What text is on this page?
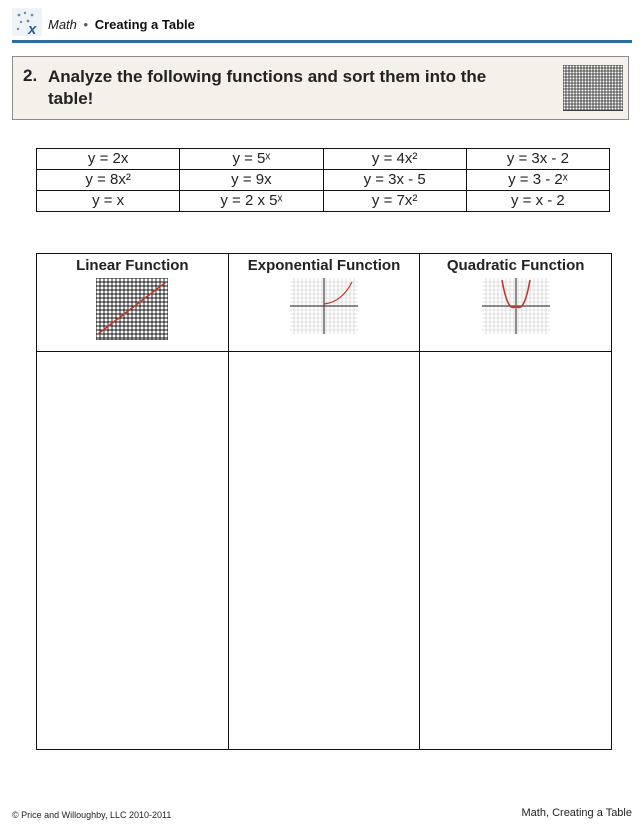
x Math • Creating a Table
2. Analyze the following functions and sort them into the table!
y = 2x	y = 5ˣ	y = 4x²	y = 3x - 2
y = 8x²	y = 9x	y = 3x - 5	y = 3 - 2ˣ
y = x	y = 2 x 5ˣ	y = 7x²	y = x - 2
Linear Function	Exponential Function	Quadratic Function

© Price and Willoughby, LLC 2010-2011	Math, Creating a Table
